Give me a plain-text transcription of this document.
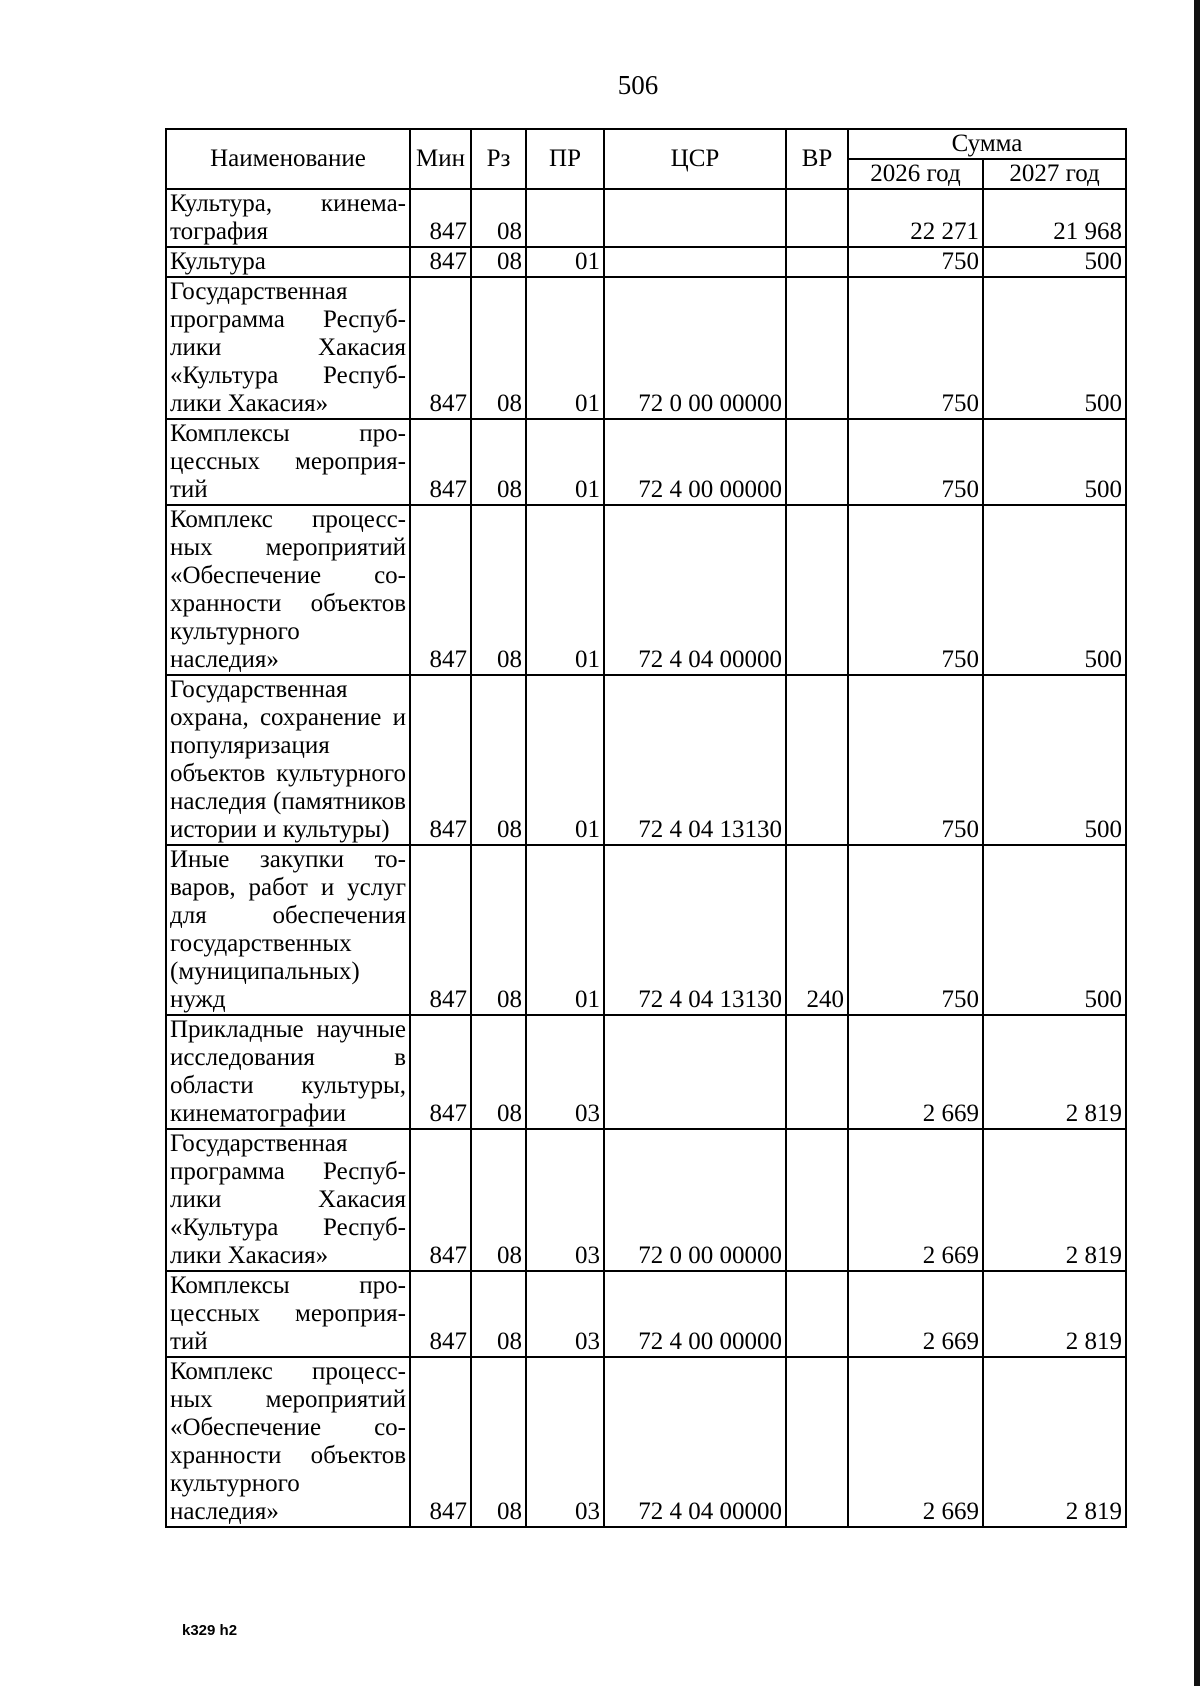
506
Наименование	Мин	Рз	ПР	ЦСР	ВР	Сумма	
						2026 год	2027 год
Культура, кинематография	847	08				22 271	21 968
Культура	847	08	01			750	500
Государственная программа Республики Хакасия «Культура Республики Хакасия»	847	08	01	72 0 00 00000		750	500
Комплексы процессных мероприятий	847	08	01	72 4 00 00000		750	500
Комплекс процессных мероприятий «Обеспечение сохранности объектов культурного наследия»	847	08	01	72 4 04 00000		750	500
Государственная охрана, сохранение и популяризация объектов культурного наследия (памятников истории и культуры)	847	08	01	72 4 04 13130		750	500
Иные закупки товаров, работ и услуг для обеспечения государственных (муниципальных) нужд	847	08	01	72 4 04 13130	240	750	500
Прикладные научные исследования в области культуры, кинематографии	847	08	03			2 669	2 819
Государственная программа Республики Хакасия «Культура Республики Хакасия»	847	08	03	72 0 00 00000		2 669	2 819
Комплексы процессных мероприятий	847	08	03	72 4 00 00000		2 669	2 819
Комплекс процессных мероприятий «Обеспечение сохранности объектов культурного наследия»	847	08	03	72 4 04 00000		2 669	2 819
k329 h2
